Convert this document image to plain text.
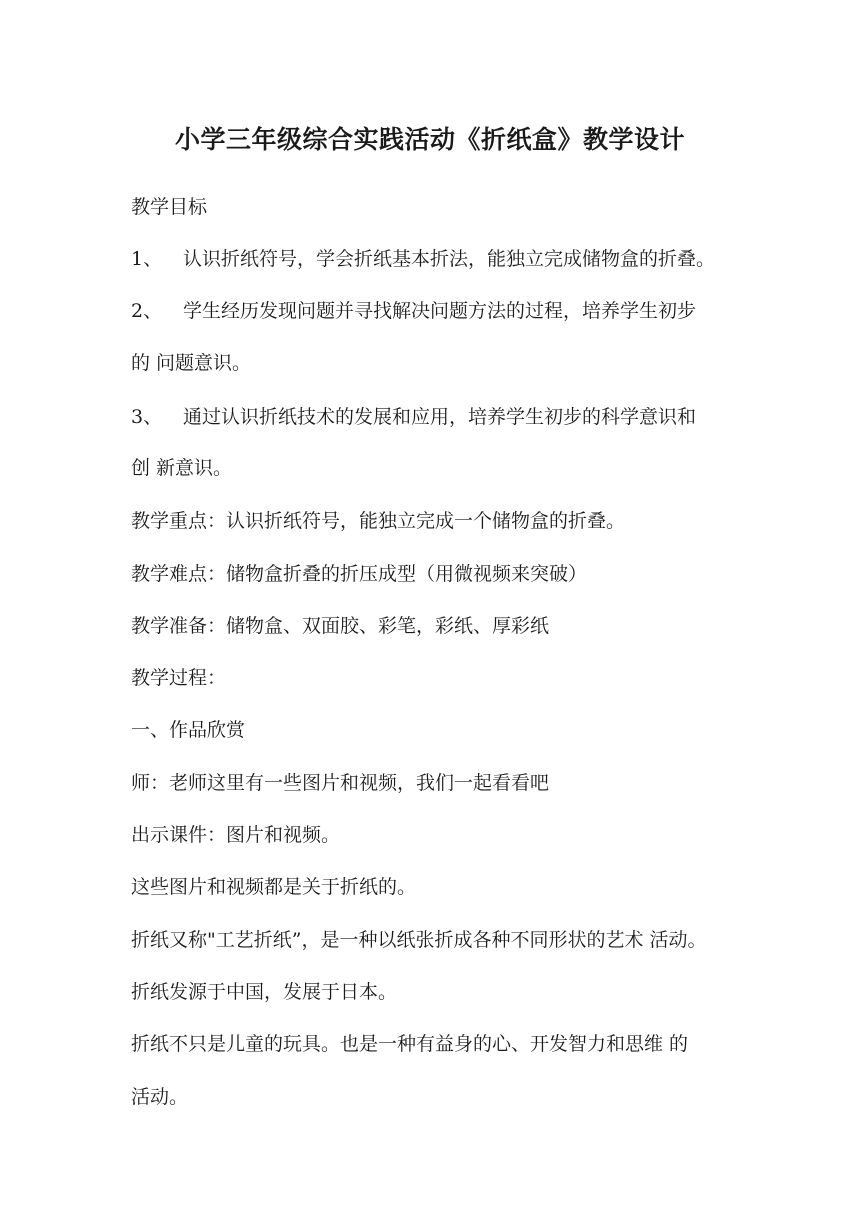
小学三年级综合实践活动《折纸盒》教学设计
教学目标
1、 认识折纸符号，学会折纸基本折法，能独立完成储物盒的折叠。
2、 学生经历发现问题并寻找解决问题方法的过程，培养学生初步
的 问题意识。
3、 通过认识折纸技术的发展和应用，培养学生初步的科学意识和
创 新意识。
教学重点：认识折纸符号，能独立完成一个储物盒的折叠。
教学难点：储物盒折叠的折压成型（用微视频来突破）
教学准备：储物盒、双面胶、彩笔，彩纸、厚彩纸
教学过程：
一、作品欣赏
师：老师这里有一些图片和视频，我们一起看看吧
出示课件：图片和视频。
这些图片和视频都是关于折纸的。
折纸又称"工艺折纸”，是一种以纸张折成各种不同形状的艺术 活动。
折纸发源于中国，发展于日本。
折纸不只是儿童的玩具。也是一种有益身的心、开发智力和思维 的
活动。
